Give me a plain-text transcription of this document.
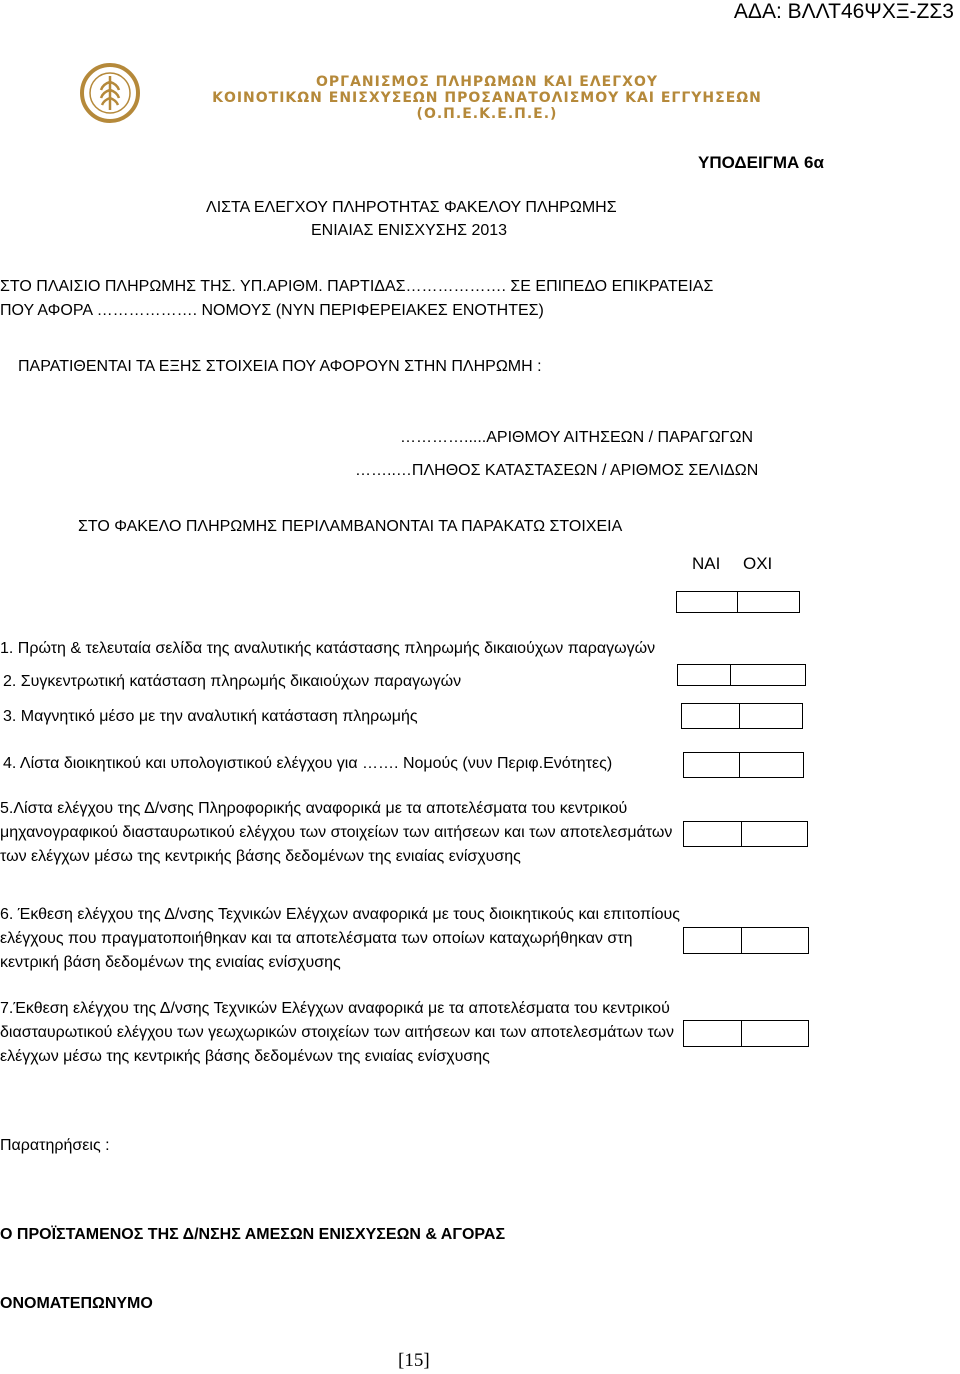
ΑΔΑ: ΒΛΛΤ46ΨΧΞ-ΖΣ3
ΟΡΓΑΝΙΣΜΟΣ ΠΛΗΡΩΜΩΝ ΚΑΙ ΕΛΕΓΧΟΥ
ΚΟΙΝΟΤΙΚΩΝ ΕΝΙΣΧΥΣΕΩΝ ΠΡΟΣΑΝΑΤΟΛΙΣΜΟΥ ΚΑΙ ΕΓΓΥΗΣΕΩΝ
(Ο.Π.Ε.Κ.Ε.Π.Ε.)
ΥΠΟΔΕΙΓΜΑ 6α
ΛΙΣΤΑ ΕΛΕΓΧΟΥ ΠΛΗΡΟΤΗΤΑΣ ΦΑΚΕΛΟΥ ΠΛΗΡΩΜΗΣ
ΕΝΙΑΙΑΣ ΕΝΙΣΧΥΣΗΣ 2013
ΣΤΟ ΠΛΑΙΣΙΟ ΠΛΗΡΩΜΗΣ ΤΗΣ. ΥΠ.ΑΡΙΘΜ. ΠΑΡΤΙΔΑΣ………………. ΣΕ ΕΠΙΠΕΔΟ ΕΠΙΚΡΑΤΕΙΑΣ
ΠΟΥ ΑΦΟΡΑ ………………. ΝΟΜΟΥΣ (ΝΥΝ ΠΕΡΙΦΕΡΕΙΑΚΕΣ ΕΝΟΤΗΤΕΣ)
ΠΑΡΑΤΙΘΕΝΤΑΙ ΤΑ ΕΞΗΣ ΣΤΟΙΧΕΙΑ ΠΟΥ ΑΦΟΡΟΥΝ ΣΤΗΝ ΠΛΗΡΩΜΗ :
………….....ΑΡΙΘΜΟΥ ΑΙΤΗΣΕΩΝ / ΠΑΡΑΓΩΓΩΝ
……..…ΠΛΗΘΟΣ ΚΑΤΑΣΤΑΣΕΩΝ / ΑΡΙΘΜΟΣ ΣΕΛΙΔΩΝ
ΣΤΟ ΦΑΚΕΛΟ ΠΛΗΡΩΜΗΣ ΠΕΡΙΛΑΜΒΑΝΟΝΤΑΙ ΤΑ ΠΑΡΑΚΑΤΩ ΣΤΟΙΧΕΙΑ
ΝΑΙ ΟΧΙ
1. Πρώτη & τελευταία σελίδα της αναλυτικής κατάστασης πληρωμής δικαιούχων παραγωγών
2. Συγκεντρωτική κατάσταση πληρωμής δικαιούχων παραγωγών
3. Μαγνητικό μέσο με την αναλυτική κατάσταση πληρωμής
4. Λίστα διοικητικού και υπολογιστικού ελέγχου για ……. Νομούς (νυν Περιφ.Ενότητες)
5.Λίστα ελέγχου της Δ/νσης Πληροφορικής αναφορικά με τα αποτελέσματα του κεντρικού μηχανογραφικού διασταυρωτικού ελέγχου των στοιχείων των αιτήσεων και των αποτελεσμάτων των ελέγχων μέσω της κεντρικής βάσης δεδομένων της ενιαίας ενίσχυσης
6. Έκθεση ελέγχου της Δ/νσης Τεχνικών Ελέγχων αναφορικά με τους διοικητικούς και επιτοπίους ελέγχους που πραγματοποιήθηκαν και τα αποτελέσματα των οποίων καταχωρήθηκαν στη κεντρική βάση δεδομένων της ενιαίας ενίσχυσης
7.Έκθεση ελέγχου της Δ/νσης Τεχνικών Ελέγχων αναφορικά με τα αποτελέσματα του κεντρικού διασταυρωτικού ελέγχου των γεωχωρικών στοιχείων των αιτήσεων και των αποτελεσμάτων των ελέγχων μέσω της κεντρικής βάσης δεδομένων της ενιαίας ενίσχυσης
Παρατηρήσεις :
Ο ΠΡΟΪΣΤΑΜΕΝΟΣ ΤΗΣ Δ/ΝΣΗΣ ΑΜΕΣΩΝ ΕΝΙΣΧΥΣΕΩΝ & ΑΓΟΡΑΣ
ΟΝΟΜΑΤΕΠΩΝΥΜΟ
[15]
